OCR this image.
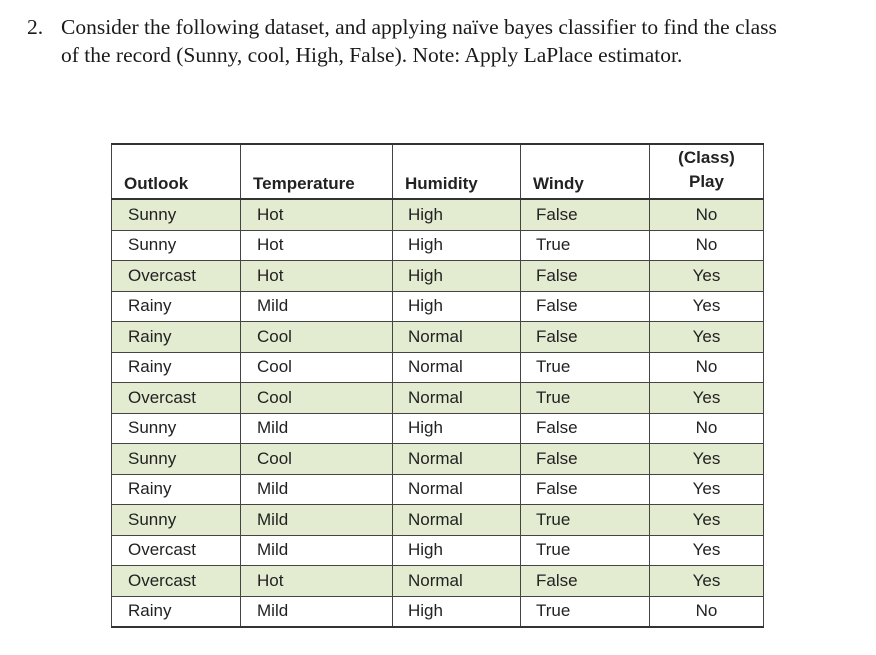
2. Consider the following dataset, and applying naïve bayes classifier to find the class
of the record (Sunny, cool, High, False). Note: Apply LaPlace estimator.
Outlook	Temperature	Humidity	Windy	(Class)
Play

Sunny	Hot	High	False	No
Sunny	Hot	High	True	No
Overcast	Hot	High	False	Yes
Rainy	Mild	High	False	Yes
Rainy	Cool	Normal	False	Yes
Rainy	Cool	Normal	True	No
Overcast	Cool	Normal	True	Yes
Sunny	Mild	High	False	No
Sunny	Cool	Normal	False	Yes
Rainy	Mild	Normal	False	Yes
Sunny	Mild	Normal	True	Yes
Overcast	Mild	High	True	Yes
Overcast	Hot	Normal	False	Yes
Rainy	Mild	High	True	No
